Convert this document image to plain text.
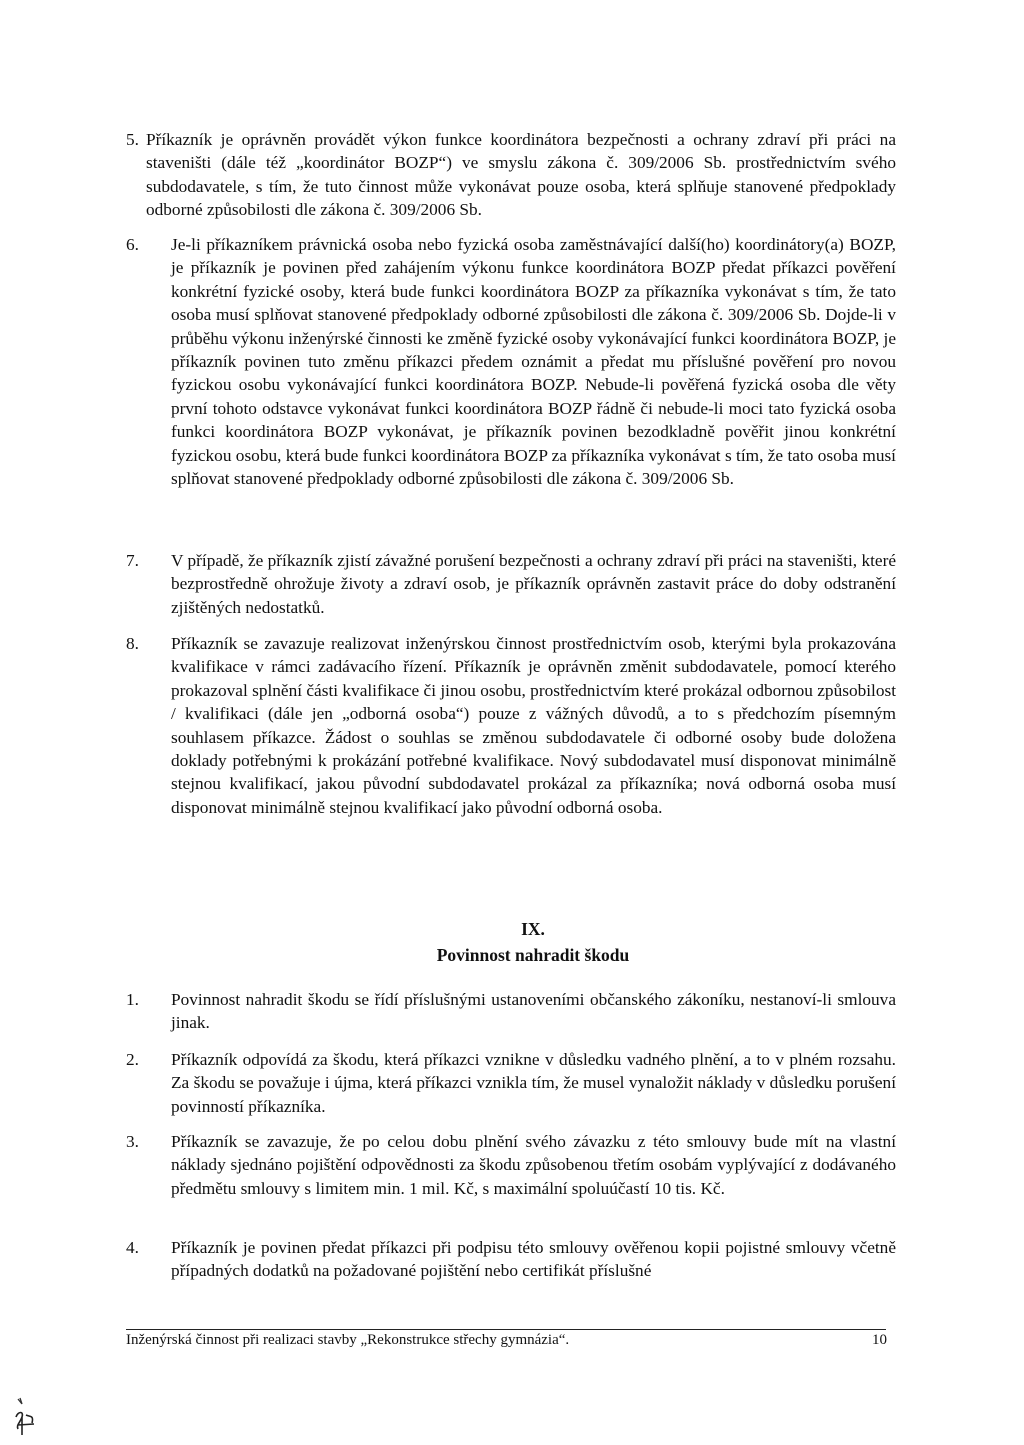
5. Příkazník je oprávněn provádět výkon funkce koordinátora bezpečnosti a ochrany zdraví při práci na staveništi (dále též „koordinátor BOZP“) ve smyslu zákona č. 309/2006 Sb. prostřednictvím svého subdodavatele, s tím, že tuto činnost může vykonávat pouze osoba, která splňuje stanovené předpoklady odborné způsobilosti dle zákona č. 309/2006 Sb.
6. Je-li příkazníkem právnická osoba nebo fyzická osoba zaměstnávající další(ho) koordinátory(a) BOZP, je příkazník je povinen před zahájením výkonu funkce koordinátora BOZP předat příkazci pověření konkrétní fyzické osoby, která bude funkci koordinátora BOZP za příkazníka vykonávat s tím, že tato osoba musí splňovat stanovené předpoklady odborné způsobilosti dle zákona č. 309/2006 Sb. Dojde-li v průběhu výkonu inženýrské činnosti ke změně fyzické osoby vykonávající funkci koordinátora BOZP, je příkazník povinen tuto změnu příkazci předem oznámit a předat mu příslušné pověření pro novou fyzickou osobu vykonávající funkci koordinátora BOZP. Nebude-li pověřená fyzická osoba dle věty první tohoto odstavce vykonávat funkci koordinátora BOZP řádně či nebude-li moci tato fyzická osoba funkci koordinátora BOZP vykonávat, je příkazník povinen bezodkladně pověřit jinou konkrétní fyzickou osobu, která bude funkci koordinátora BOZP za příkazníka vykonávat s tím, že tato osoba musí splňovat stanovené předpoklady odborné způsobilosti dle zákona č. 309/2006 Sb.
7. V případě, že příkazník zjistí závažné porušení bezpečnosti a ochrany zdraví při práci na staveništi, které bezprostředně ohrožuje životy a zdraví osob, je příkazník oprávněn zastavit práce do doby odstranění zjištěných nedostatků.
8. Příkazník se zavazuje realizovat inženýrskou činnost prostřednictvím osob, kterými byla prokazována kvalifikace v rámci zadávacího řízení. Příkazník je oprávněn změnit subdodavatele, pomocí kterého prokazoval splnění části kvalifikace či jinou osobu, prostřednictvím které prokázal odbornou způsobilost / kvalifikaci (dále jen „odborná osoba“) pouze z vážných důvodů, a to s předchozím písemným souhlasem příkazce. Žádost o souhlas se změnou subdodavatele či odborné osoby bude doložena doklady potřebnými k prokázání potřebné kvalifikace. Nový subdodavatel musí disponovat minimálně stejnou kvalifikací, jakou původní subdodavatel prokázal za příkazníka; nová odborná osoba musí disponovat minimálně stejnou kvalifikací jako původní odborná osoba.
IX.
Povinnost nahradit škodu
1. Povinnost nahradit škodu se řídí příslušnými ustanoveními občanského zákoníku, nestanoví-li smlouva jinak.
2. Příkazník odpovídá za škodu, která příkazci vznikne v důsledku vadného plnění, a to v plném rozsahu. Za škodu se považuje i újma, která příkazci vznikla tím, že musel vynaložit náklady v důsledku porušení povinností příkazníka.
3. Příkazník se zavazuje, že po celou dobu plnění svého závazku z této smlouvy bude mít na vlastní náklady sjednáno pojištění odpovědnosti za škodu způsobenou třetím osobám vyplývající z dodávaného předmětu smlouvy s limitem min. 1 mil. Kč, s maximální spoluúčastí 10 tis. Kč.
4. Příkazník je povinen předat příkazci při podpisu této smlouvy ověřenou kopii pojistné smlouvy včetně případných dodatků na požadované pojištění nebo certifikát příslušné
Inženýrská činnost při realizaci stavby „Rekonstrukce střechy gymnázia“.	10
